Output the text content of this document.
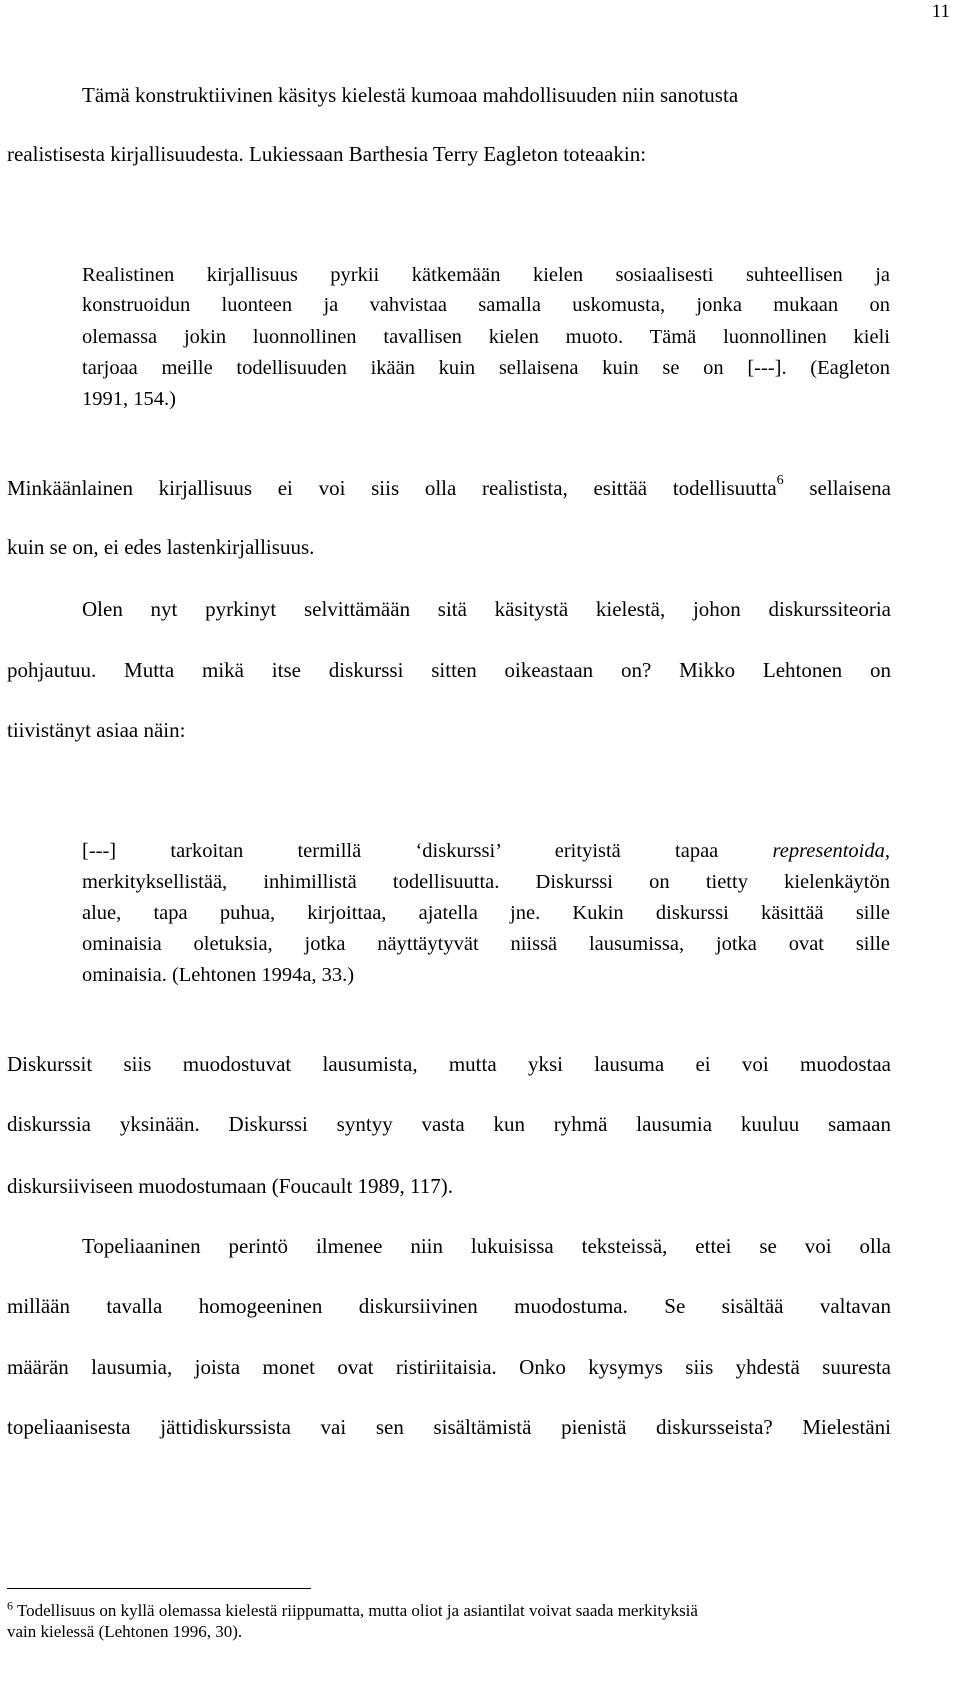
11
Tämä konstruktiivinen käsitys kielestä kumoaa mahdollisuuden niin sanotusta
realistisesta kirjallisuudesta. Lukiessaan Barthesia Terry Eagleton toteaakin:
Realistinen kirjallisuus pyrkii kätkemään kielen sosiaalisesti suhteellisen ja
konstruoidun luonteen ja vahvistaa samalla uskomusta, jonka mukaan on
olemassa jokin luonnollinen tavallisen kielen muoto. Tämä luonnollinen kieli
tarjoaa meille todellisuuden ikään kuin sellaisena kuin se on [---]. (Eagleton
1991, 154.)
Minkäänlainen kirjallisuus ei voi siis olla realistista, esittää todellisuutta$^6$ sellaisena
kuin se on, ei edes lastenkirjallisuus.
Olen nyt pyrkinyt selvittämään sitä käsitystä kielestä, johon diskurssiteoria
pohjautuu. Mutta mikä itse diskurssi sitten oikeastaan on? Mikko Lehtonen on
tiivistänyt asiaa näin:
[---] tarkoitan termillä ‘diskurssi’ erityistä tapaa representoida,
merkityksellistää, inhimillistä todellisuutta. Diskurssi on tietty kielenkäytön
alue, tapa puhua, kirjoittaa, ajatella jne. Kukin diskurssi käsittää sille
ominaisia oletuksia, jotka näyttäytyvät niissä lausumissa, jotka ovat sille
ominaisia. (Lehtonen 1994a, 33.)
Diskurssit siis muodostuvat lausumista, mutta yksi lausuma ei voi muodostaa
diskurssia yksinään. Diskurssi syntyy vasta kun ryhmä lausumia kuuluu samaan
diskursiiviseen muodostumaan (Foucault 1989, 117).
Topeliaaninen perintö ilmenee niin lukuisissa teksteissä, ettei se voi olla
millään tavalla homogeeninen diskursiivinen muodostuma. Se sisältää valtavan
määrän lausumia, joista monet ovat ristiriitaisia. Onko kysymys siis yhdestä suuresta
topeliaanisesta jättidiskurssista vai sen sisältämistä pienistä diskursseista? Mielestäni
$^6$ Todellisuus on kyllä olemassa kielestä riippumatta, mutta oliot ja asiantilat voivat saada merkityksiä
vain kielessä (Lehtonen 1996, 30).
